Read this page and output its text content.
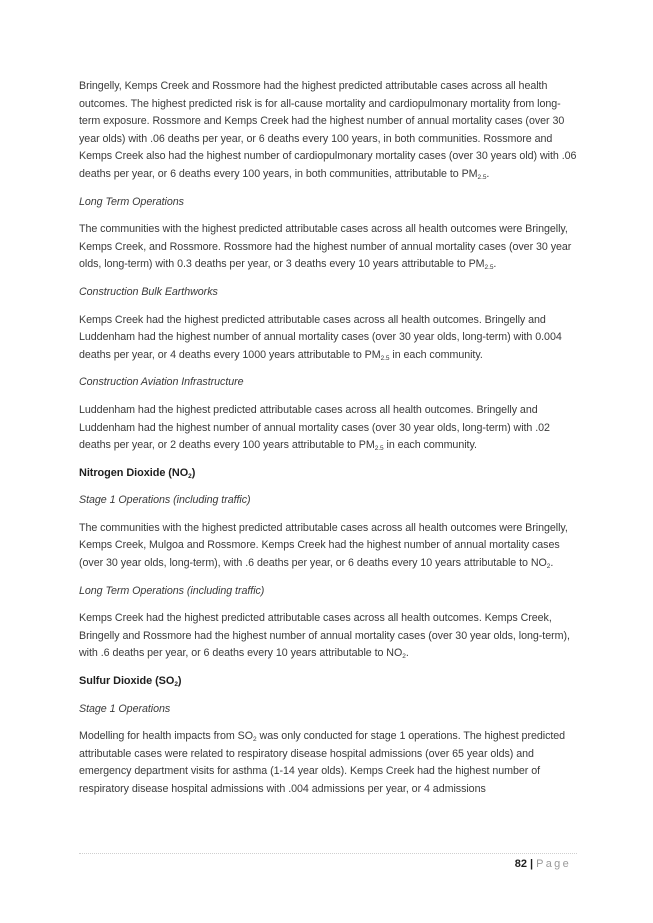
Bringelly, Kemps Creek and Rossmore had the highest predicted attributable cases across all health outcomes. The highest predicted risk is for all-cause mortality and cardiopulmonary mortality from long-term exposure. Rossmore and Kemps Creek had the highest number of annual mortality cases (over 30 year olds) with .06 deaths per year, or 6 deaths every 100 years, in both communities. Rossmore and Kemps Creek also had the highest number of cardiopulmonary mortality cases (over 30 years old) with .06 deaths per year, or 6 deaths every 100 years, in both communities, attributable to $PM_{2.5}$.

Long Term Operations

The communities with the highest predicted attributable cases across all health outcomes were Bringelly, Kemps Creek, and Rossmore. Rossmore had the highest number of annual mortality cases (over 30 year olds, long-term) with 0.3 deaths per year, or 3 deaths every 10 years attributable to $PM_{2.5}$.

Construction Bulk Earthworks

Kemps Creek had the highest predicted attributable cases across all health outcomes. Bringelly and Luddenham had the highest number of annual mortality cases (over 30 year olds, long-term) with 0.004 deaths per year, or 4 deaths every 1000 years attributable to $PM_{2.5}$ in each community.

Construction Aviation Infrastructure

Luddenham had the highest predicted attributable cases across all health outcomes. Bringelly and Luddenham had the highest number of annual mortality cases (over 30 year olds, long-term) with .02 deaths per year, or 2 deaths every 100 years attributable to $PM_{2.5}$ in each community.

Nitrogen Dioxide $(NO_2)$

Stage 1 Operations (including traffic)

The communities with the highest predicted attributable cases across all health outcomes were Bringelly, Kemps Creek, Mulgoa and Rossmore. Kemps Creek had the highest number of annual mortality cases (over 30 year olds, long-term), with .6 deaths per year, or 6 deaths every 10 years attributable to $NO_2$.

Long Term Operations (including traffic)

Kemps Creek had the highest predicted attributable cases across all health outcomes. Kemps Creek, Bringelly and Rossmore had the highest number of annual mortality cases (over 30 year olds, long-term), with .6 deaths per year, or 6 deaths every 10 years attributable to $NO_2$.

Sulfur Dioxide $(SO_2)$

Stage 1 Operations

Modelling for health impacts from $SO_2$ was only conducted for stage 1 operations. The highest predicted attributable cases were related to respiratory disease hospital admissions (over 65 year olds) and emergency department visits for asthma (1-14 year olds). Kemps Creek had the highest number of respiratory disease hospital admissions with .004 admissions per year, or 4 admissions

82 | Page
